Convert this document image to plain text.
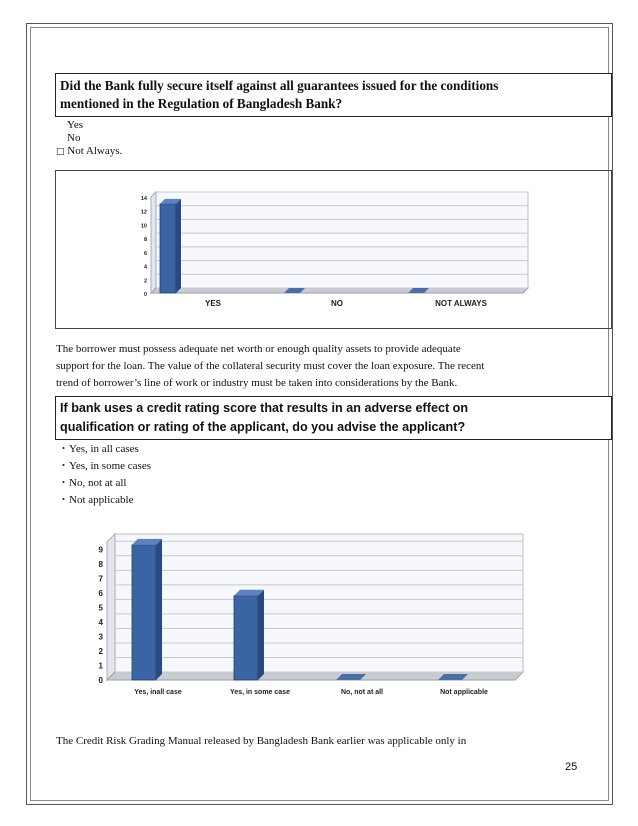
Did the Bank fully secure itself against all guarantees issued for the conditions
mentioned in the Regulation of Bangladesh Bank?
Yes
No
□ Not Always.
0
2
4
6
8
10
12
14
YES	NO	NOT ALWAYS
The borrower must possess adequate net worth or enough quality assets to provide adequate
support for the loan. The value of the collateral security must cover the loan exposure. The recent
trend of borrower’s line of work or industry must be taken into considerations by the Bank.
If bank uses a credit rating score that results in an adverse effect on
qualification or rating of the applicant, do you advise the applicant?
・Yes, in all cases
・Yes, in some cases
・No, not at all
・Not applicable
0
1
2
3
4
5
6
7
8
9
Yes, inall case	Yes, in some case	No, not at all	Not applicable
The Credit Risk Grading Manual released by Bangladesh Bank earlier was applicable only in
25
